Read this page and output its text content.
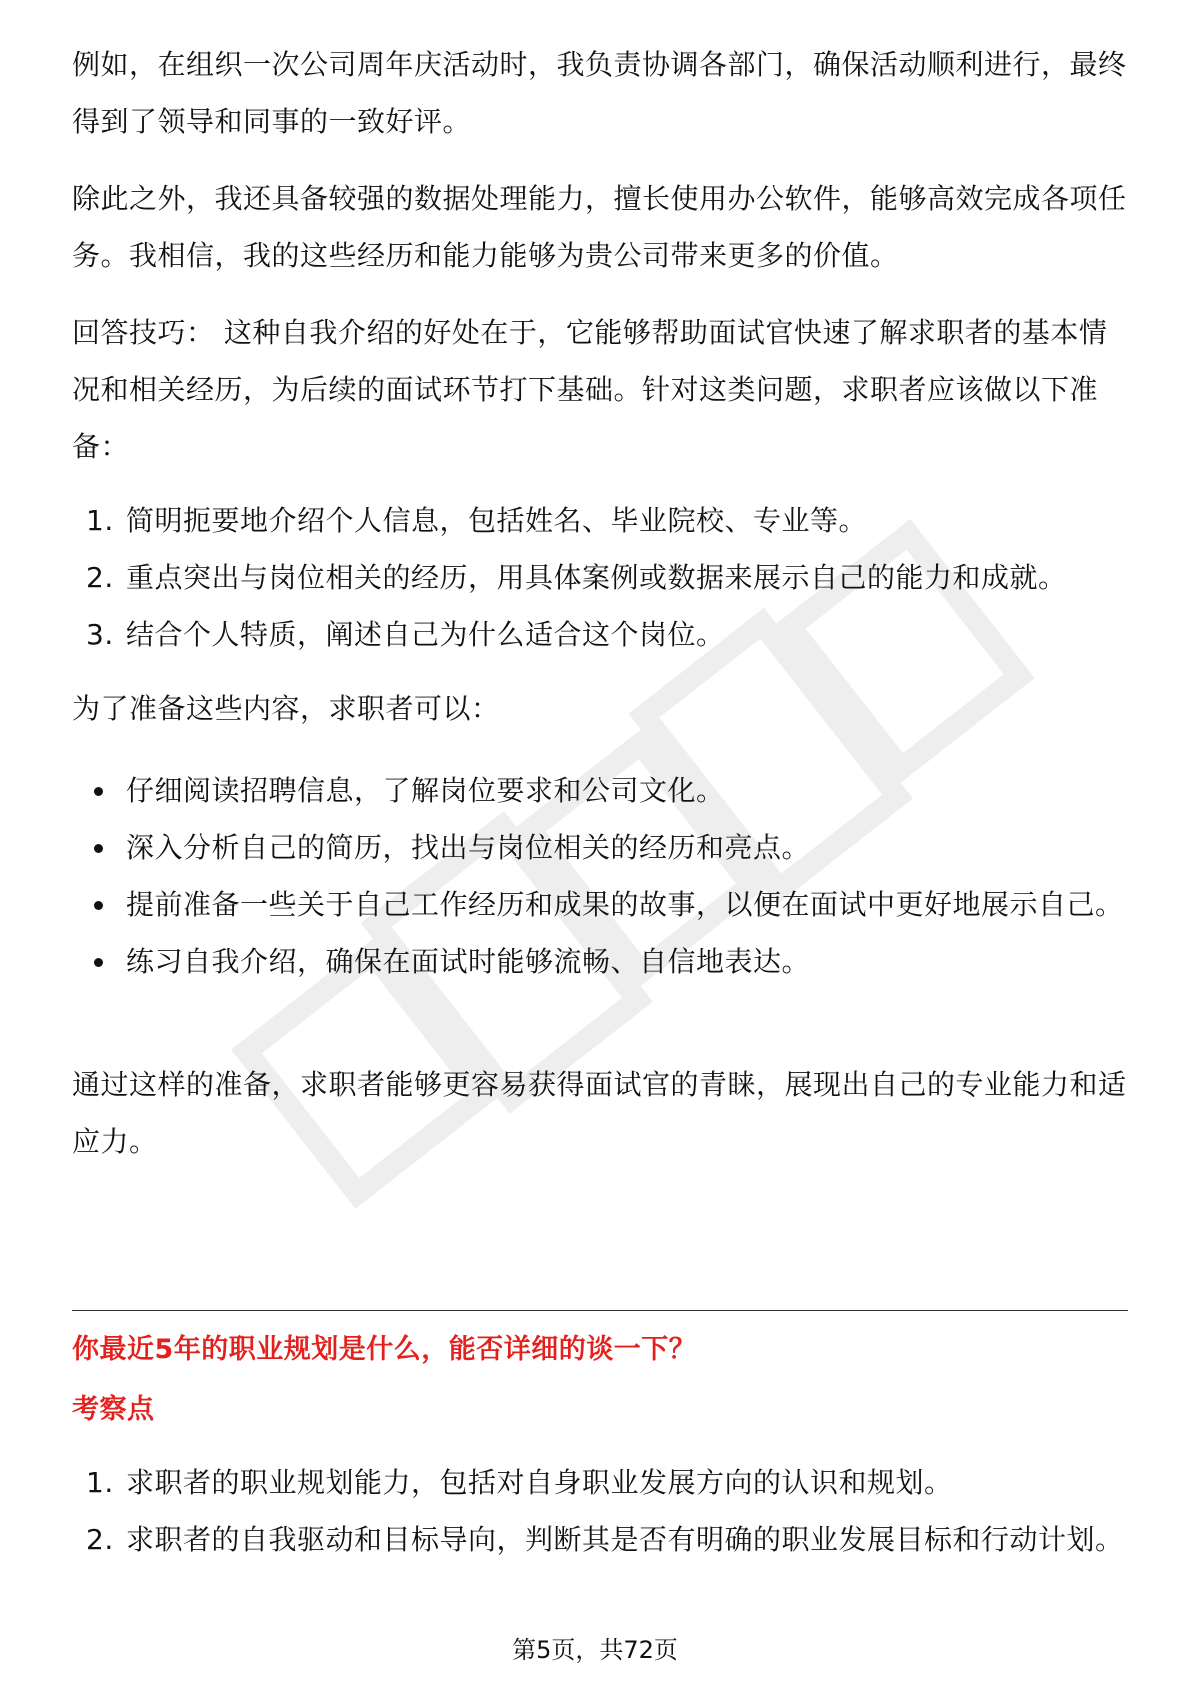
例如，在组织一次公司周年庆活动时，我负责协调各部门，确保活动顺利进行，最终得到了领导和同事的一致好评。

除此之外，我还具备较强的数据处理能力，擅长使用办公软件，能够高效完成各项任务。我相信，我的这些经历和能力能够为贵公司带来更多的价值。

回答技巧： 这种自我介绍的好处在于，它能够帮助面试官快速了解求职者的基本情况和相关经历，为后续的面试环节打下基础。针对这类问题，求职者应该做以下准备：

1. 简明扼要地介绍个人信息，包括姓名、毕业院校、专业等。
2. 重点突出与岗位相关的经历，用具体案例或数据来展示自己的能力和成就。
3. 结合个人特质，阐述自己为什么适合这个岗位。

为了准备这些内容，求职者可以：

仔细阅读招聘信息，了解岗位要求和公司文化。
深入分析自己的简历，找出与岗位相关的经历和亮点。
提前准备一些关于自己工作经历和成果的故事，以便在面试中更好地展示自己。
练习自我介绍，确保在面试时能够流畅、自信地表达。

通过这样的准备，求职者能够更容易获得面试官的青睐，展现出自己的专业能力和适应力。

你最近5年的职业规划是什么，能否详细的谈一下？
考察点
1. 求职者的职业规划能力，包括对自身职业发展方向的认识和规划。
2. 求职者的自我驱动和目标导向，判断其是否有明确的职业发展目标和行动计划。
第5页，共72页
